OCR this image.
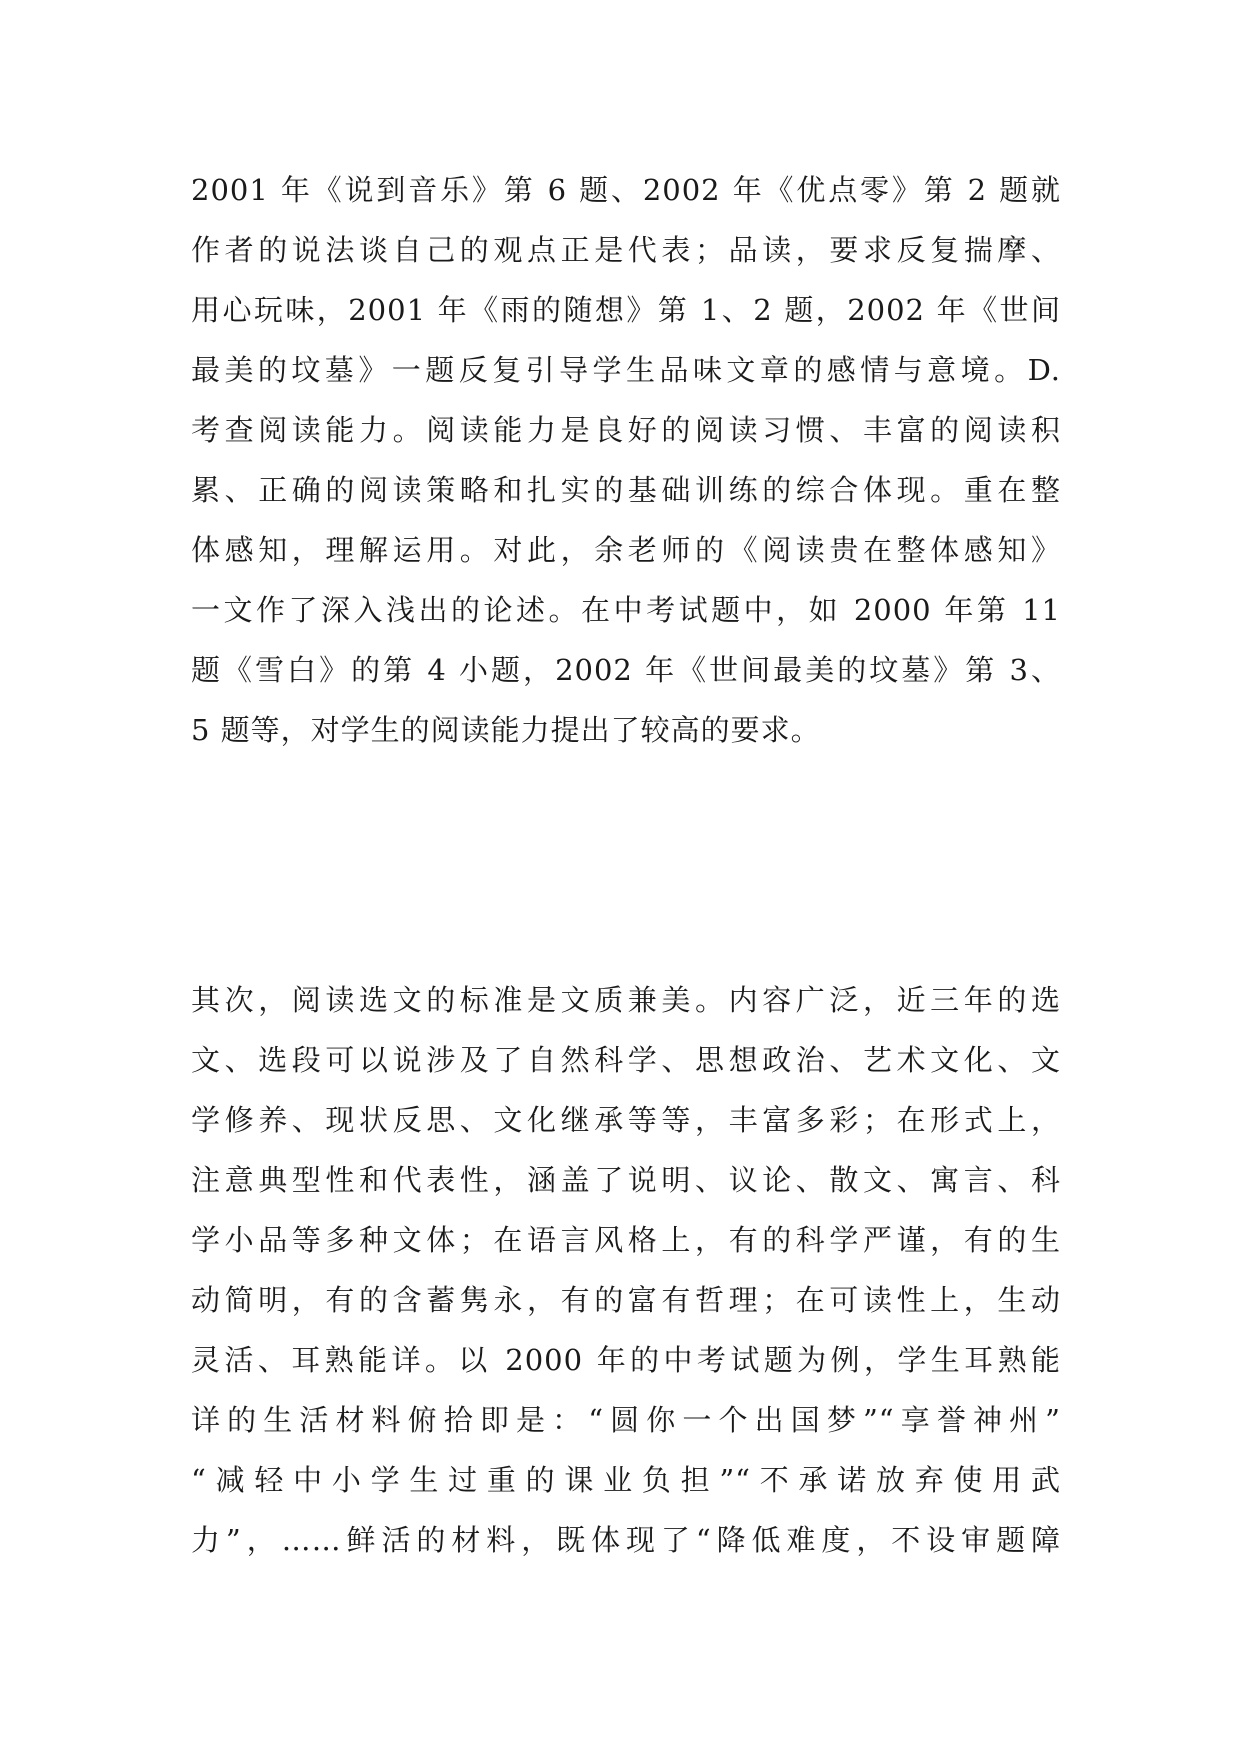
2001 年《说到音乐》第 6 题、2002 年《优点零》第 2 题就
作者的说法谈自己的观点正是代表；品读，要求反复揣摩、
用心玩味，2001 年《雨的随想》第 1、2 题，2002 年《世间
最美的坟墓》一题反复引导学生品味文章的感情与意境。D.
考查阅读能力。阅读能力是良好的阅读习惯、丰富的阅读积
累、正确的阅读策略和扎实的基础训练的综合体现。重在整
体感知，理解运用。对此，余老师的《阅读贵在整体感知》
一文作了深入浅出的论述。在中考试题中，如 2000 年第 11
题《雪白》的第 4 小题，2002 年《世间最美的坟墓》第 3、
5 题等，对学生的阅读能力提出了较高的要求。
其次，阅读选文的标准是文质兼美。内容广泛，近三年的选
文、选段可以说涉及了自然科学、思想政治、艺术文化、文
学修养、现状反思、文化继承等等，丰富多彩；在形式上，
注意典型性和代表性，涵盖了说明、议论、散文、寓言、科
学小品等多种文体；在语言风格上，有的科学严谨，有的生
动简明，有的含蓄隽永，有的富有哲理；在可读性上，生动
灵活、耳熟能详。以 2000 年的中考试题为例，学生耳熟能
详的生活材料俯拾即是：“圆你一个出国梦”“享誉神州”
“减轻中小学生过重的课业负担”“不承诺放弃使用武
力”，……鲜活的材料，既体现了“降低难度，不设审题障
